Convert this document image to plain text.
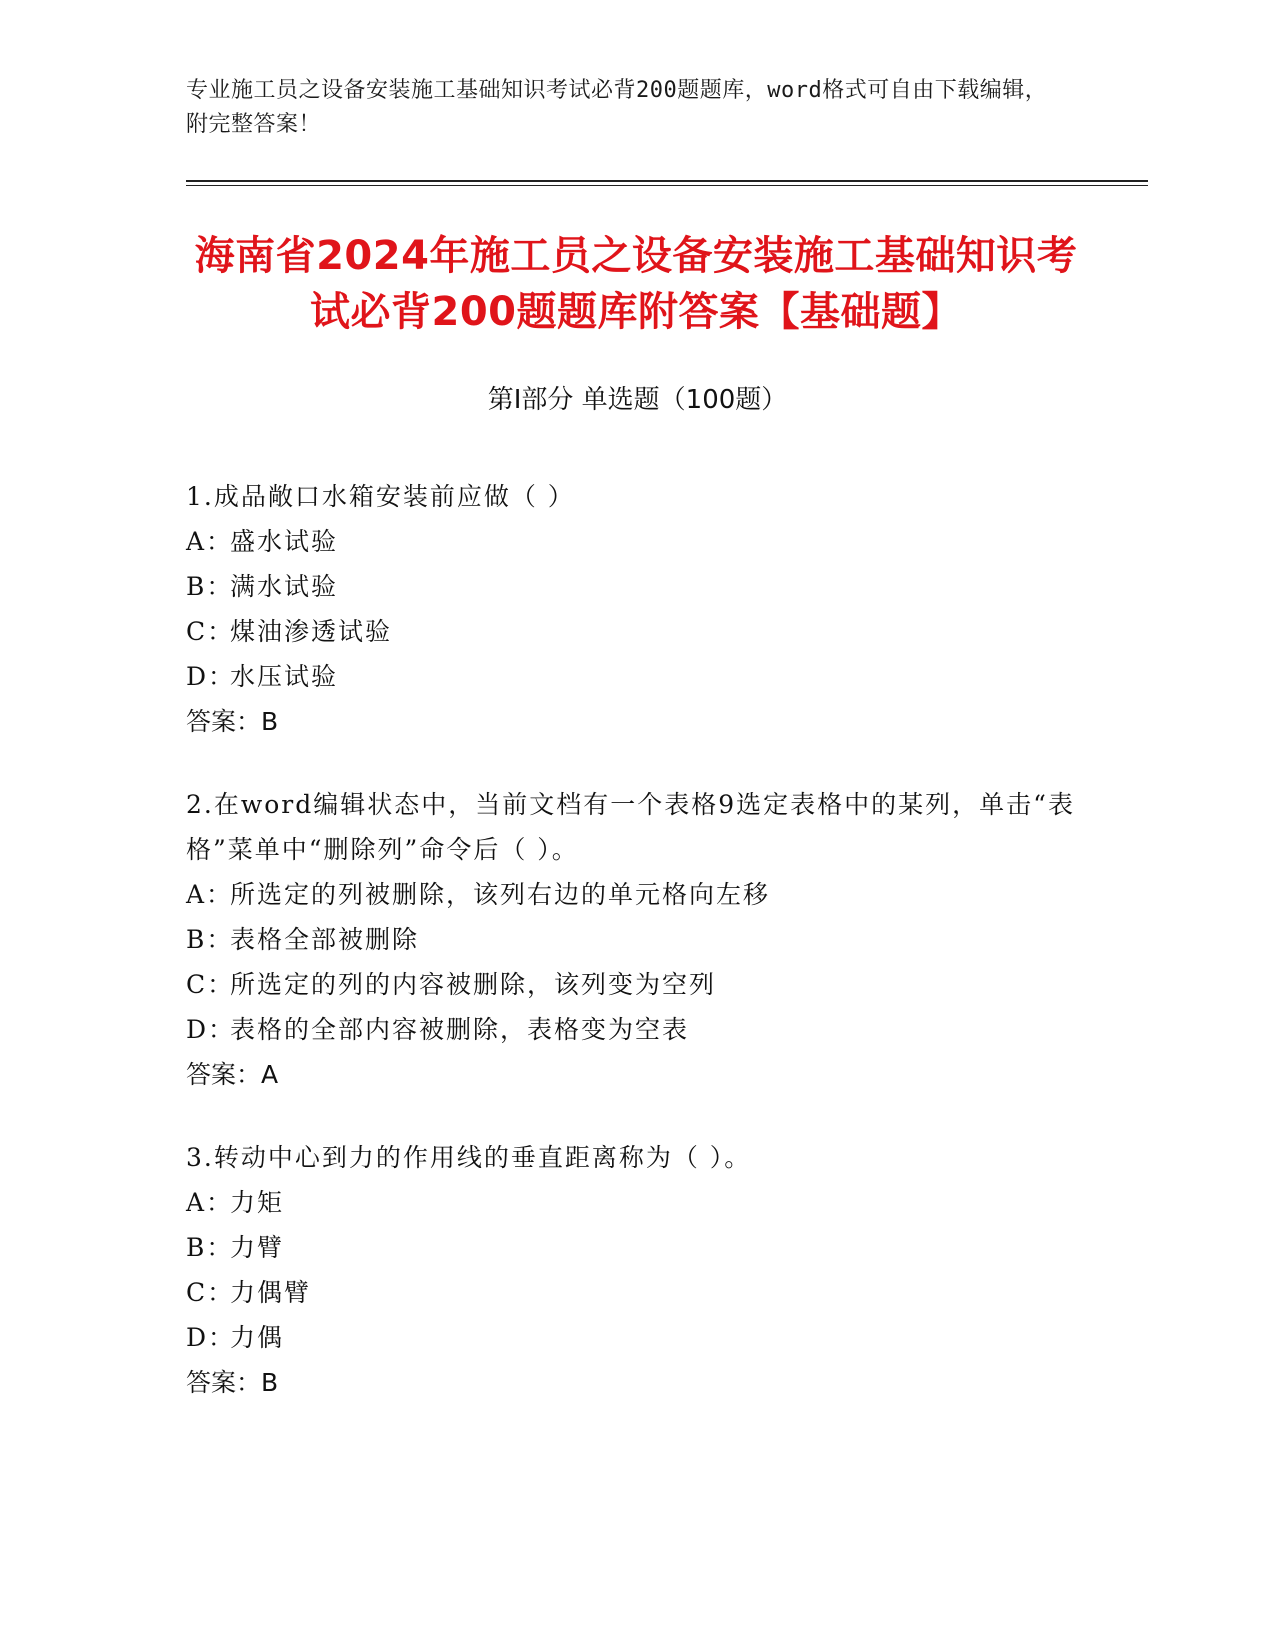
专业施工员之设备安装施工基础知识考试必背200题题库，word格式可自由下载编辑，附完整答案！
海南省2024年施工员之设备安装施工基础知识考试必背200题题库附答案【基础题】
第I部分 单选题（100题）
1.成品敞口水箱安装前应做（ ）
A：盛水试验
B：满水试验
C：煤油渗透试验
D：水压试验
答案：B
2.在word编辑状态中，当前文档有一个表格9选定表格中的某列，单击“表格”菜单中“删除列”命令后（ ）。
A：所选定的列被删除，该列右边的单元格向左移
B：表格全部被删除
C：所选定的列的内容被删除，该列变为空列
D：表格的全部内容被删除，表格变为空表
答案：A
3.转动中心到力的作用线的垂直距离称为（ ）。
A：力矩
B：力臂
C：力偶臂
D：力偶
答案：B
